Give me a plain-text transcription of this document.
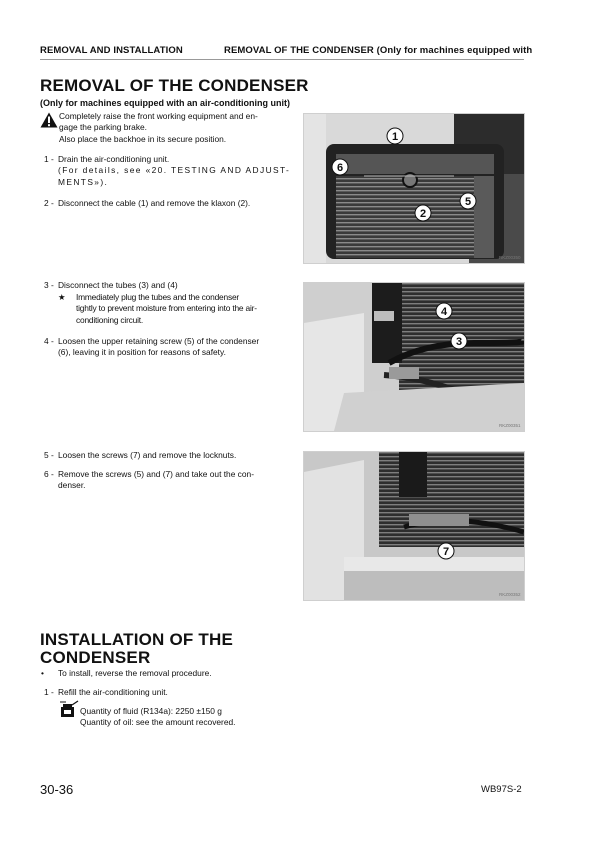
REMOVAL AND INSTALLATION	REMOVAL OF THE CONDENSER (Only for machines equipped with
REMOVAL OF THE CONDENSER
(Only for machines equipped with an air-conditioning unit)
Completely raise the front working equipment and en-
gage the parking brake.
Also place the backhoe in its secure position.
1 - Drain the air-conditioning unit.
(For details, see «20. TESTING AND ADJUST-
MENTS»).
2 - Disconnect the cable (1) and remove the klaxon (2).
3 - Disconnect the tubes (3) and (4)
★ Immediately plug the tubes and the condenser
tightly to prevent moisture from entering into the air-
conditioning circuit.
4 - Loosen the upper retaining screw (5) of the condenser
(6), leaving it in position for reasons of safety.
5 - Loosen the screws (7) and remove the locknuts.
6 - Remove the screws (5) and (7) and take out the con-
denser.
RKZ00350
1
6
5
2
RKZ00351
4
3
RKZ00352
7
INSTALLATION OF THE
CONDENSER
• To install, reverse the removal procedure.
1 - Refill the air-conditioning unit.
Quantity of fluid (R134a): 2250 ±150 g
Quantity of oil: see the amount recovered.
30-36	WB97S-2
